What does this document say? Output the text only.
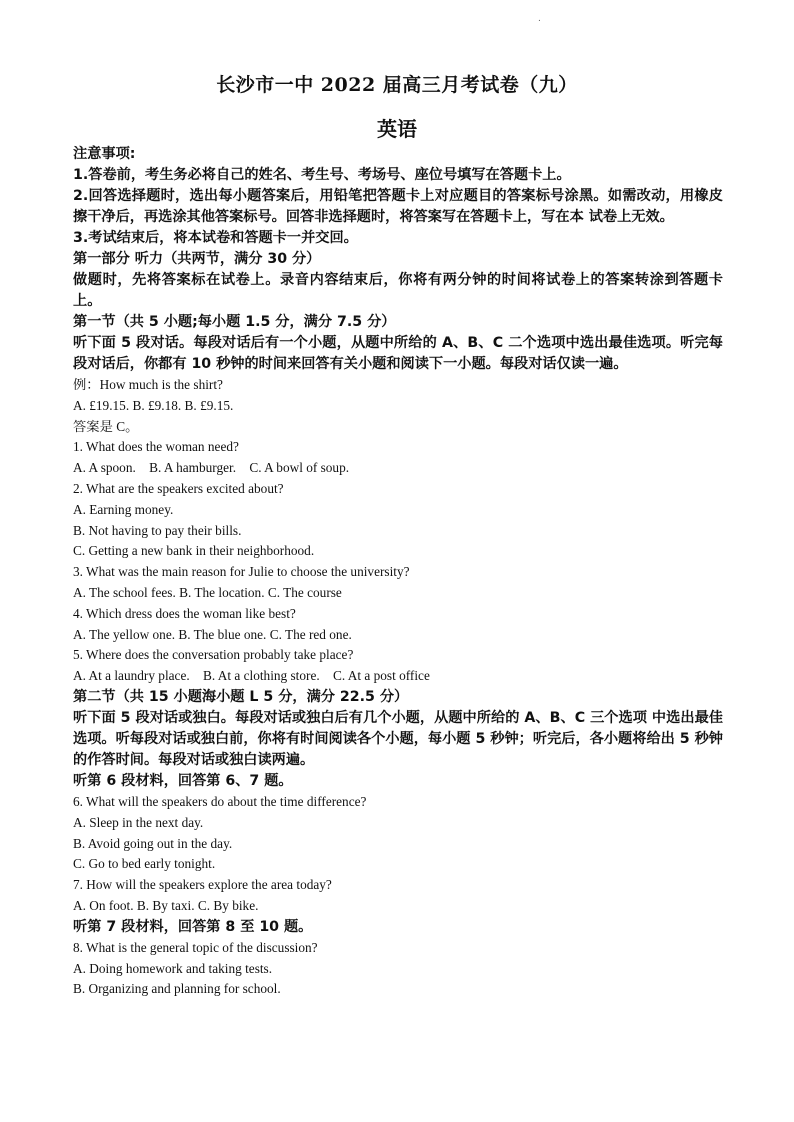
.
长沙市一中 2022 届高三月考试卷（九）
英语

注意事项:

1.答卷前，考生务必将自己的姓名、考生号、考场号、座位号填写在答题卡上。

2.回答选择题时，选出每小题答案后，用铅笔把答题卡上对应题目的答案标号涂黑。如需改动，用橡皮擦干净后，再选涂其他答案标号。回答非选择题时，将答案写在答题卡上，写在本 试卷上无效。

3.考试结束后，将本试卷和答题卡一并交回。

第一部分 听力（共两节，满分 30 分）

做题时，先将答案标在试卷上。录音内容结束后，你将有两分钟的时间将试卷上的答案转涂到答题卡上。

第一节（共 5 小题;每小题 1.5 分，满分 7.5 分）

听下面 5 段对话。每段对话后有一个小题，从题中所给的 A、B、C 二个选项中选出最佳选项。听完每段对话后，你都有 10 秒钟的时间来回答有关小题和阅读下一小题。每段对话仅读一遍。

例：How much is the shirt?

A. £19.15. B. £9.18. B. £9.15.

答案是 C。

1. What does the woman need?

A. A spoon.    B. A hamburger.    C. A bowl of soup.

2. What are the speakers excited about?

A. Earning money.

B. Not having to pay their bills.

C. Getting a new bank in their neighborhood.

3. What was the main reason for Julie to choose the university?

A. The school fees. B. The location. C. The course

4. Which dress does the woman like best?

A. The yellow one. B. The blue one. C. The red one.

5. Where does the conversation probably take place?

A. At a laundry place.    B. At a clothing store.    C. At a post office

第二节（共 15 小题海小题 L 5 分，满分 22.5 分）

听下面 5 段对话或独白。每段对话或独白后有几个小题，从题中所给的 A、B、C 三个选项 中选出最佳选项。听每段对话或独白前，你将有时间阅读各个小题，每小题 5 秒钟；听完后，各小题将给出 5 秒钟的作答时间。每段对话或独白读两遍。

听第 6 段材料，回答第 6、7 题。

6. What will the speakers do about the time difference?

A. Sleep in the next day.

B. Avoid going out in the day.

C. Go to bed early tonight.

7. How will the speakers explore the area today?

A. On foot. B. By taxi. C. By bike.

听第 7 段材料，回答第 8 至 10 题。

8. What is the general topic of the discussion?

A. Doing homework and taking tests.

B. Organizing and planning for school.
